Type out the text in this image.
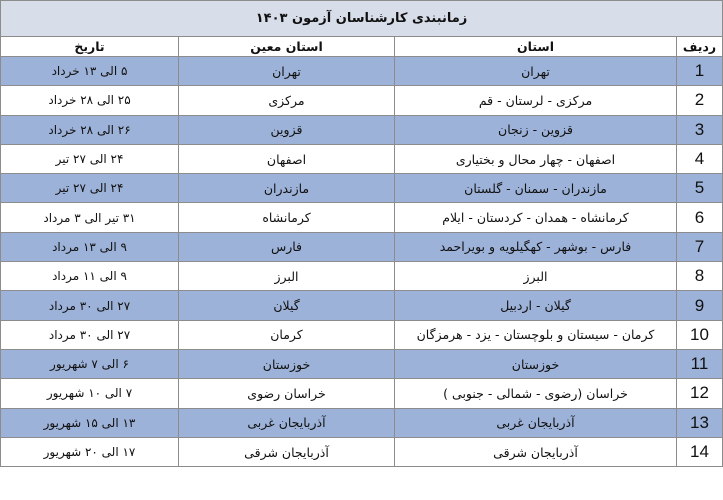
زمانبندی کارشناسان آزمون ۱۴۰۳			
تاریخ	استان معین	استان	ردیف
۵ الی ۱۳ خرداد	تهران	تهران	1
۲۵ الی ۲۸ خرداد	مرکزی	مرکزی - لرستان - قم	2
۲۶ الی ۲۸ خرداد	قزوین	قزوین - زنجان	3
۲۴ الی ۲۷ تیر	اصفهان	اصفهان - چهار محال و بختیاری	4
۲۴ الی ۲۷ تیر	مازندران	مازندران - سمنان - گلستان	5
۳۱ تیر الی ۳ مرداد	کرمانشاه	کرمانشاه - همدان - کردستان - ایلام	6
۹ الی ۱۳ مرداد	فارس	فارس - بوشهر - کهگیلویه و بویراحمد	7
۹ الی ۱۱ مرداد	البرز	البرز	8
۲۷ الی ۳۰ مرداد	گیلان	گیلان - اردبیل	9
۲۷ الی ۳۰ مرداد	کرمان	کرمان - سیستان و بلوچستان - یزد - هرمزگان	10
۶ الی ۷ شهریور	خوزستان	خوزستان	11
۷ الی ۱۰ شهریور	خراسان رضوی	خراسان (رضوی - شمالی - جنوبی )	12
۱۳ الی ۱۵ شهریور	آذربایجان غربی	آذربایجان غربی	13
۱۷ الی ۲۰ شهریور	آذربایجان شرقی	آذربایجان شرقی	14
